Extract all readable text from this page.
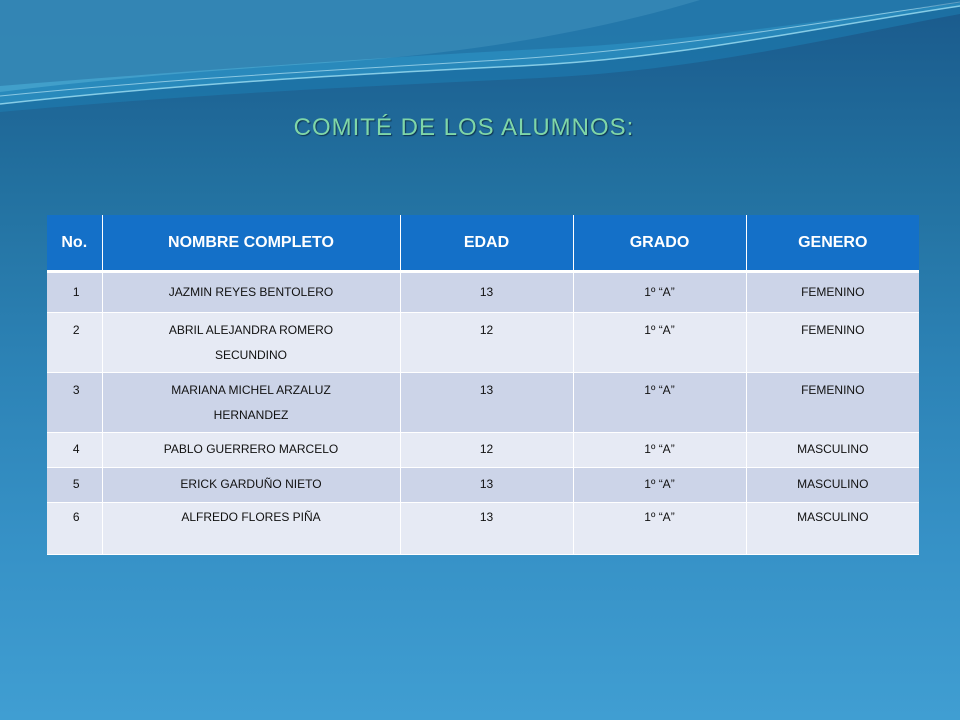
COMITÉ DE LOS ALUMNOS:
No.	NOMBRE COMPLETO	EDAD	GRADO	GENERO
1	JAZMIN REYES BENTOLERO	13	1º “A”	FEMENINO
2	ABRIL ALEJANDRA ROMERO SECUNDINO	12	1º “A”	FEMENINO
3	MARIANA MICHEL ARZALUZ HERNANDEZ	13	1º “A”	FEMENINO
4	PABLO GUERRERO MARCELO	12	1º “A”	MASCULINO
5	ERICK GARDUÑO NIETO	13	1º “A”	MASCULINO
6	ALFREDO FLORES PIÑA	13	1º “A”	MASCULINO
